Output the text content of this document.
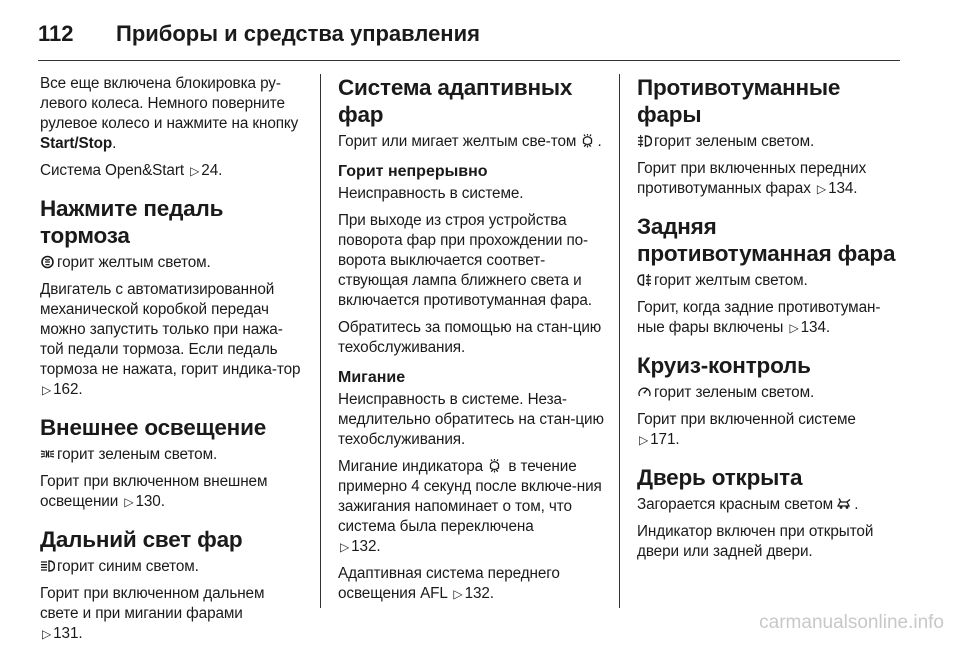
112	Приборы и средства управления

Все еще включена блокировка ру-левого колеса. Немного поверните рулевое колесо и нажмите на кнопку Start/Stop.

Система Open&Start ▷ 24.

Нажмите педаль тормоза

горит желтым светом.

Двигатель с автоматизированной механической коробкой передач можно запустить только при нажа-той педали тормоза. Если педаль тормоза не нажата, горит индика-тор ▷ 162.

Внешнее освещение

горит зеленым светом.

Горит при включенном внешнем освещении ▷ 130.

Дальний свет фар

горит синим светом.

Горит при включенном дальнем свете и при мигании фарами
▷ 131.

Система адаптивных фар

Горит или мигает желтым све-том .

Горит непрерывно

Неисправность в системе.

При выходе из строя устройства поворота фар при прохождении по-ворота выключается соответ-ствующая лампа ближнего света и включается противотуманная фара.

Обратитесь за помощью на стан-цию техобслуживания.

Мигание

Неисправность в системе. Неза-медлительно обратитесь на стан-цию техобслуживания.

Мигание индикатора в течение примерно 4 секунд после включе-ния зажигания напоминает о том, что система была переключена
▷ 132.

Адаптивная система переднего освещения AFL ▷ 132.

Противотуманные фары

горит зеленым светом.

Горит при включенных передних противотуманных фарах ▷ 134.

Задняя противотуманная фара

горит желтым светом.

Горит, когда задние противотуман-ные фары включены ▷ 134.

Круиз-контроль

горит зеленым светом.

Горит при включенной системе
▷ 171.

Дверь открыта

Загорается красным светом .

Индикатор включен при открытой двери или задней двери.

carmanualsonline.info
